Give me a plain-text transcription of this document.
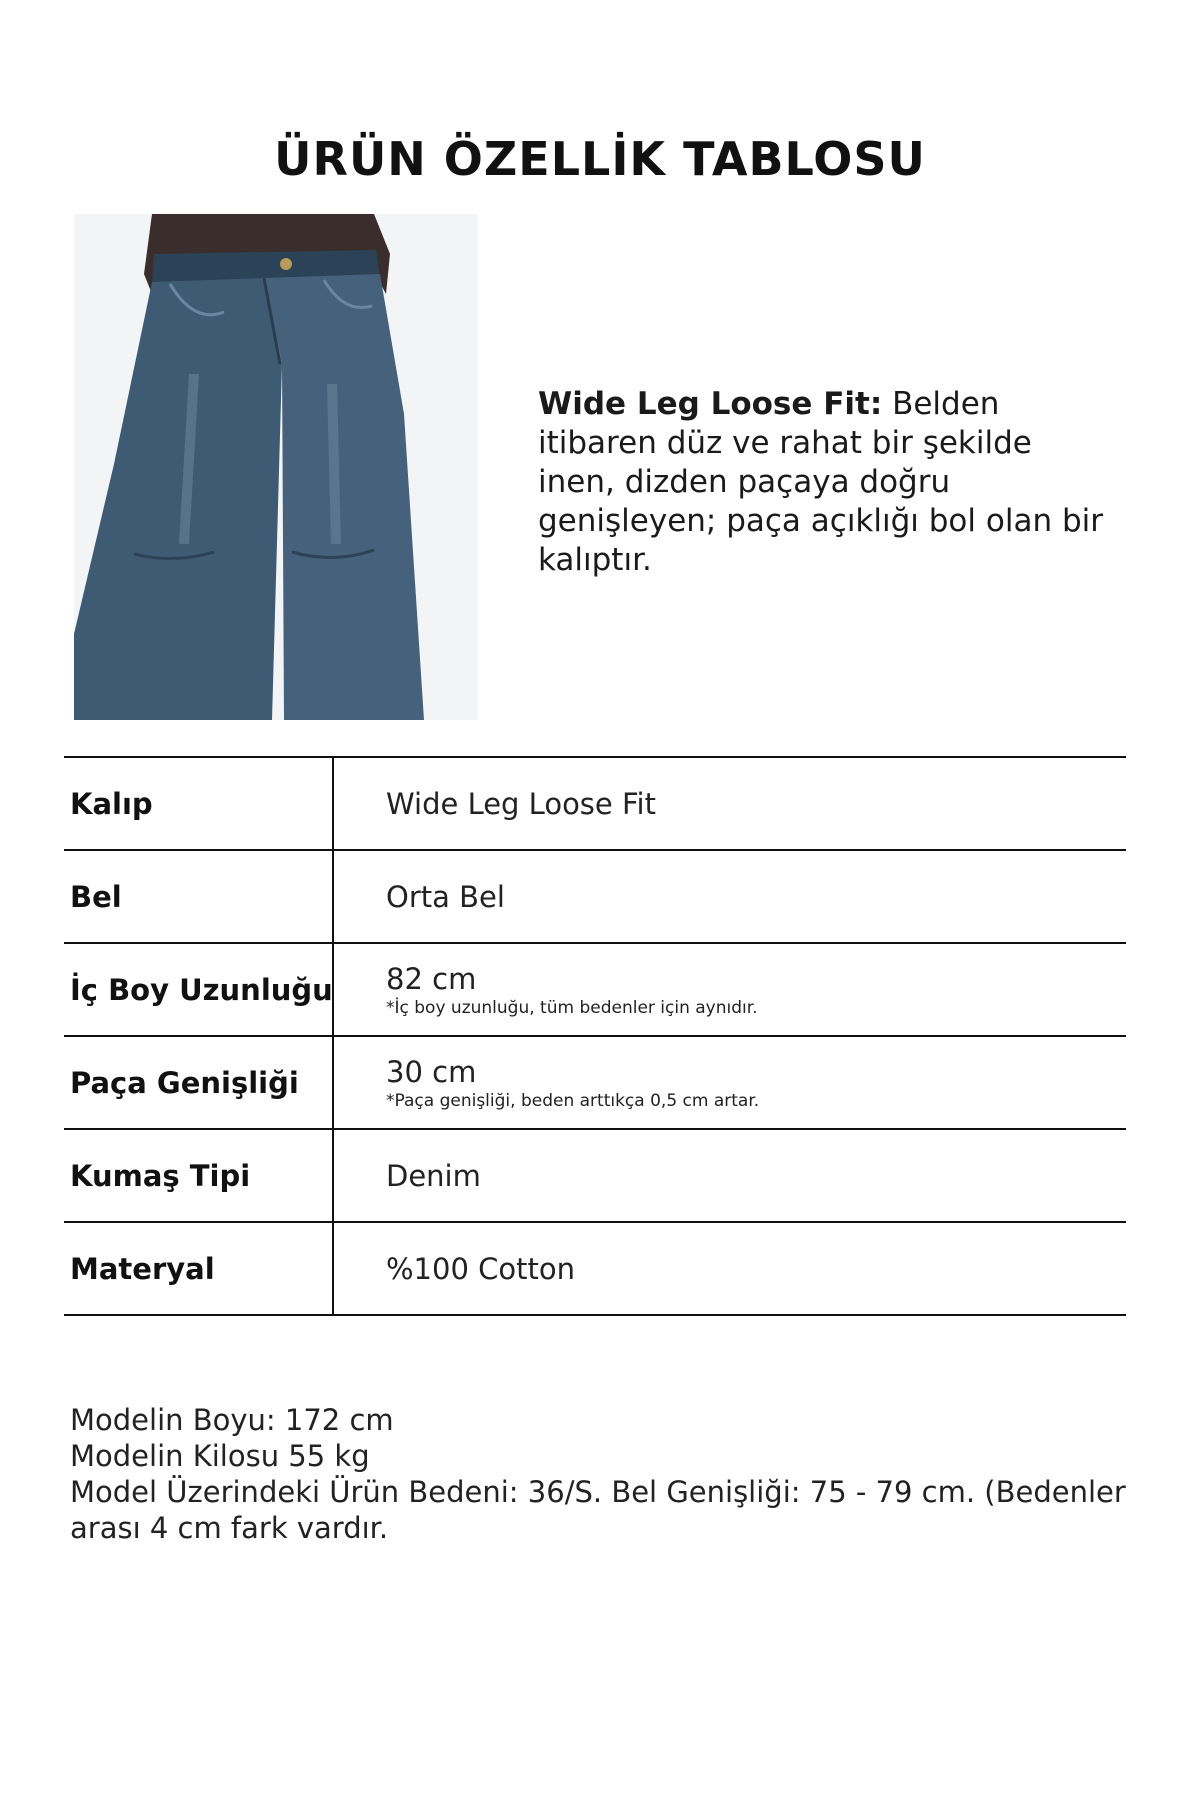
ÜRÜN ÖZELLİK TABLOSU
Wide Leg Loose Fit: Belden itibaren düz ve rahat bir şekilde inen, dizden paçaya doğru genişleyen; paça açıklığı bol olan bir kalıptır.
Kalıp	Wide Leg Loose Fit
Bel	Orta Bel
İç Boy Uzunluğu 82 cm
*İç boy uzunluğu, tüm bedenler için aynıdır.
Paça Genişliği	30 cm
*Paça genişliği, beden arttıkça 0,5 cm artar.
Kumaş Tipi	Denim
Materyal	%100 Cotton
Modelin Boyu: 172 cm
Modelin Kilosu 55 kg
Model Üzerindeki Ürün Bedeni: 36/S. Bel Genişliği: 75 - 79 cm. (Bedenler arası 4 cm fark vardır.
